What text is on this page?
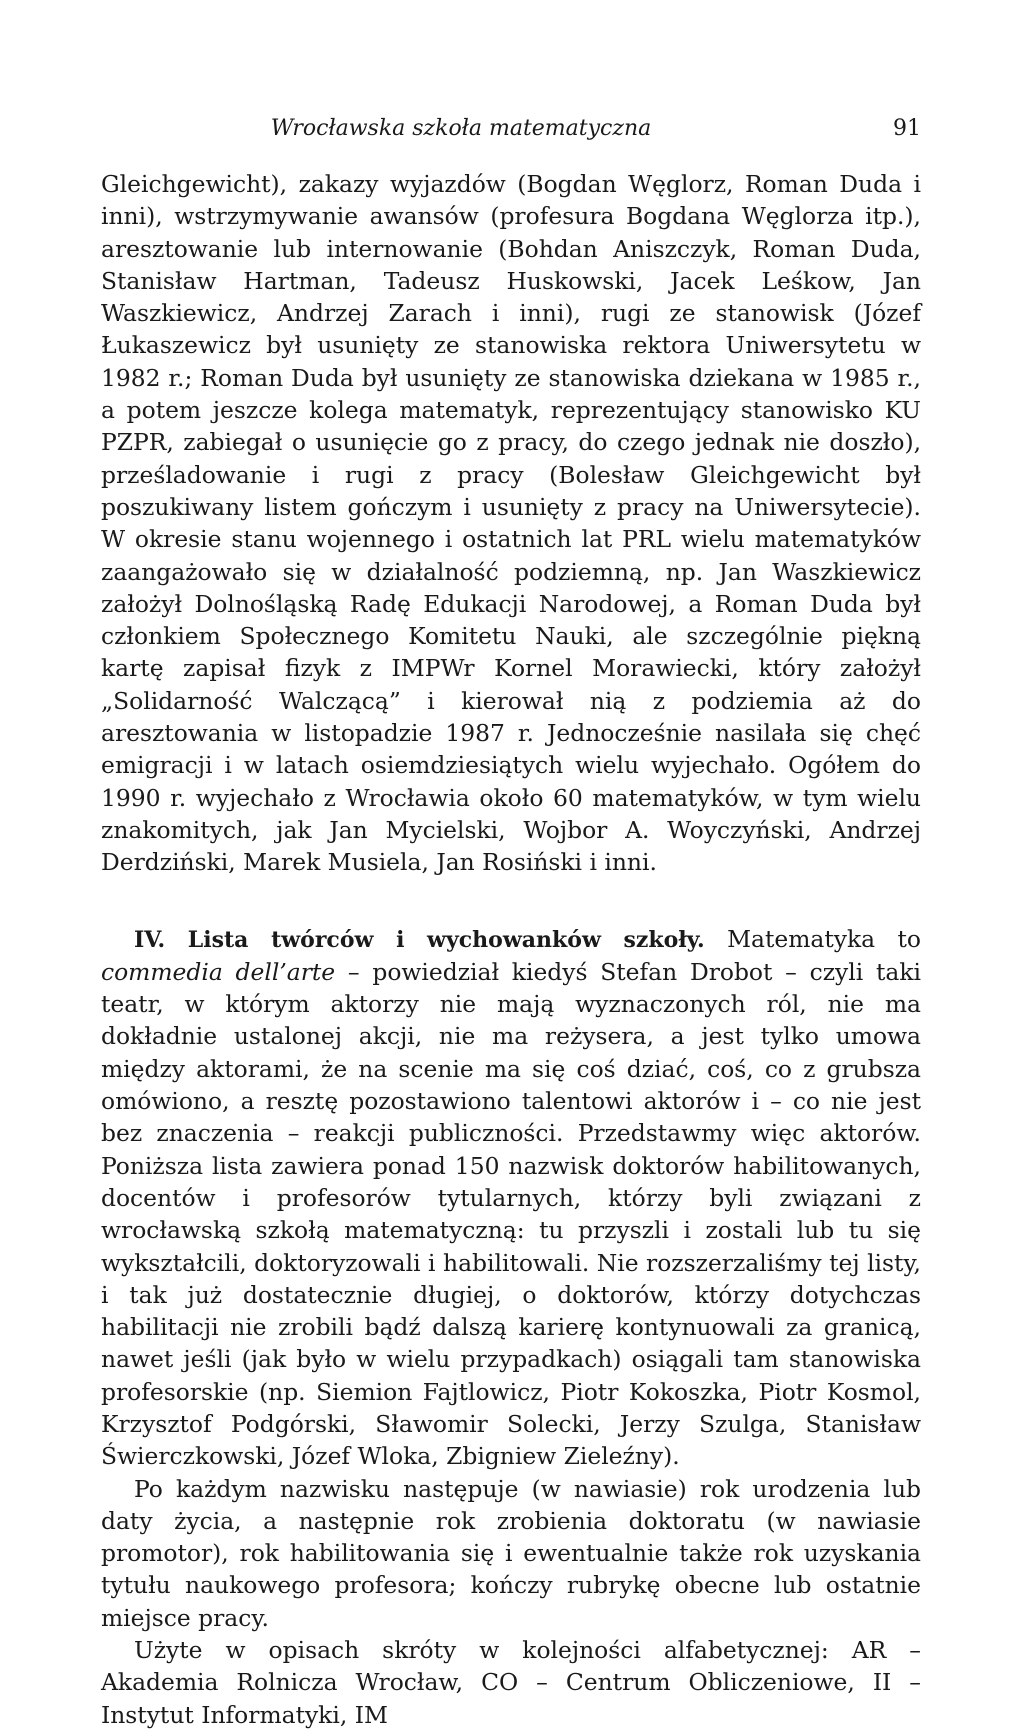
Wrocławska szkoła matematyczna	91

Gleichgewicht), zakazy wyjazdów (Bogdan Węglorz, Roman Duda i inni), wstrzymywanie awansów (profesura Bogdana Węglorza itp.), aresztowanie lub internowanie (Bohdan Aniszczyk, Roman Duda, Stanisław Hartman, Tadeusz Huskowski, Jacek Leśkow, Jan Waszkiewicz, Andrzej Zarach i inni), rugi ze stanowisk (Józef Łukaszewicz był usunięty ze stanowiska rektora Uniwersytetu w 1982 r.; Roman Duda był usunięty ze stanowiska dziekana w 1985 r., a potem jeszcze kolega matematyk, reprezentujący stanowisko KU PZPR, zabiegał o usunięcie go z pracy, do czego jednak nie doszło), prześladowanie i rugi z pracy (Bolesław Gleichgewicht był poszukiwany listem gończym i usunięty z pracy na Uniwersytecie). W okresie stanu wojennego i ostatnich lat PRL wielu matematyków zaangażowało się w działalność podziemną, np. Jan Waszkiewicz założył Dolnośląską Radę Edukacji Narodowej, a Roman Duda był członkiem Społecznego Komitetu Nauki, ale szczególnie piękną kartę zapisał fizyk z IMPWr Kornel Morawiecki, który założył „Solidarność Walczącą” i kierował nią z podziemia aż do aresztowania w listopadzie 1987 r. Jednocześnie nasilała się chęć emigracji i w latach osiemdziesiątych wielu wyjechało. Ogółem do 1990 r. wyjechało z Wrocławia około 60 matematyków, w tym wielu znakomitych, jak Jan Mycielski, Wojbor A. Woyczyński, Andrzej Derdziński, Marek Musiela, Jan Rosiński i inni.

IV. Lista twórców i wychowanków szkoły. Matematyka to commedia dell’arte – powiedział kiedyś Stefan Drobot – czyli taki teatr, w którym aktorzy nie mają wyznaczonych ról, nie ma dokładnie ustalonej akcji, nie ma reżysera, a jest tylko umowa między aktorami, że na scenie ma się coś dziać, coś, co z grubsza omówiono, a resztę pozostawiono talentowi aktorów i – co nie jest bez znaczenia – reakcji publiczności. Przedstawmy więc aktorów. Poniższa lista zawiera ponad 150 nazwisk doktorów habilitowanych, docentów i profesorów tytularnych, którzy byli związani z wrocławską szkołą matematyczną: tu przyszli i zostali lub tu się wykształcili, doktoryzowali i habilitowali. Nie rozszerzaliśmy tej listy, i tak już dostatecznie długiej, o doktorów, którzy dotychczas habilitacji nie zrobili bądź dalszą karierę kontynuowali za granicą, nawet jeśli (jak było w wielu przypadkach) osiągali tam stanowiska profesorskie (np. Siemion Fajtlowicz, Piotr Kokoszka, Piotr Kosmol, Krzysztof Podgórski, Sławomir Solecki, Jerzy Szulga, Stanisław Świerczkowski, Józef Wloka, Zbigniew Zieleźny).

Po każdym nazwisku następuje (w nawiasie) rok urodzenia lub daty życia, a następnie rok zrobienia doktoratu (w nawiasie promotor), rok habilitowania się i ewentualnie także rok uzyskania tytułu naukowego profesora; kończy rubrykę obecne lub ostatnie miejsce pracy.

Użyte w opisach skróty w kolejności alfabetycznej: AR – Akademia Rolnicza Wrocław, CO – Centrum Obliczeniowe, II – Instytut Informatyki, IM
